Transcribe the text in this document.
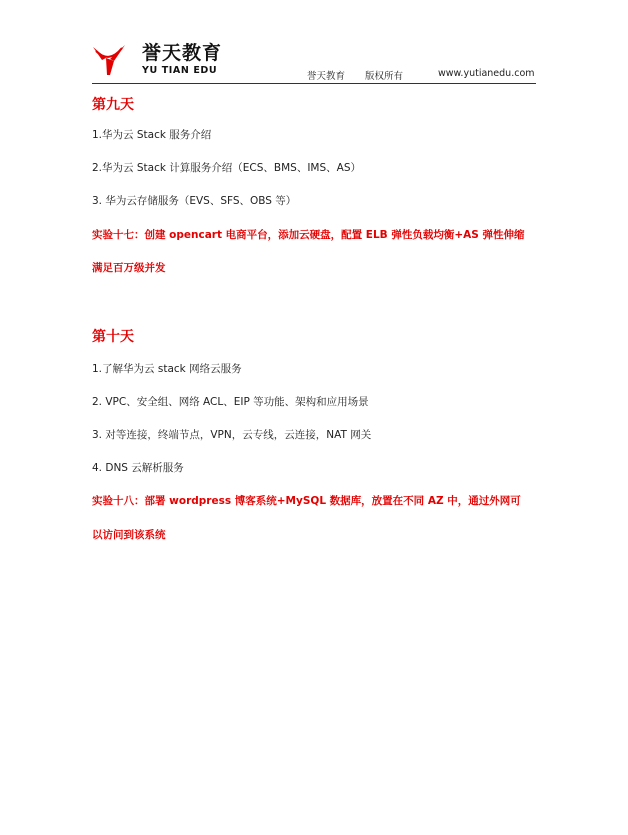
誉天教育
YU TIAN EDU
誉天教育 版权所有	www.yutianedu.com
第九天
1.华为云 Stack 服务介绍
2.华为云 Stack 计算服务介绍（ECS、BMS、IMS、AS）
3. 华为云存储服务（EVS、SFS、OBS 等）
实验十七：创建 opencart 电商平台，添加云硬盘，配置 ELB 弹性负载均衡+AS 弹性伸缩
满足百万级并发
第十天
1.了解华为云 stack 网络云服务
2. VPC、安全组、网络 ACL、EIP 等功能、架构和应用场景
3. 对等连接，终端节点，VPN，云专线，云连接，NAT 网关
4. DNS 云解析服务
实验十八：部署 wordpress 博客系统+MySQL 数据库，放置在不同 AZ 中，通过外网可
以访问到该系统
